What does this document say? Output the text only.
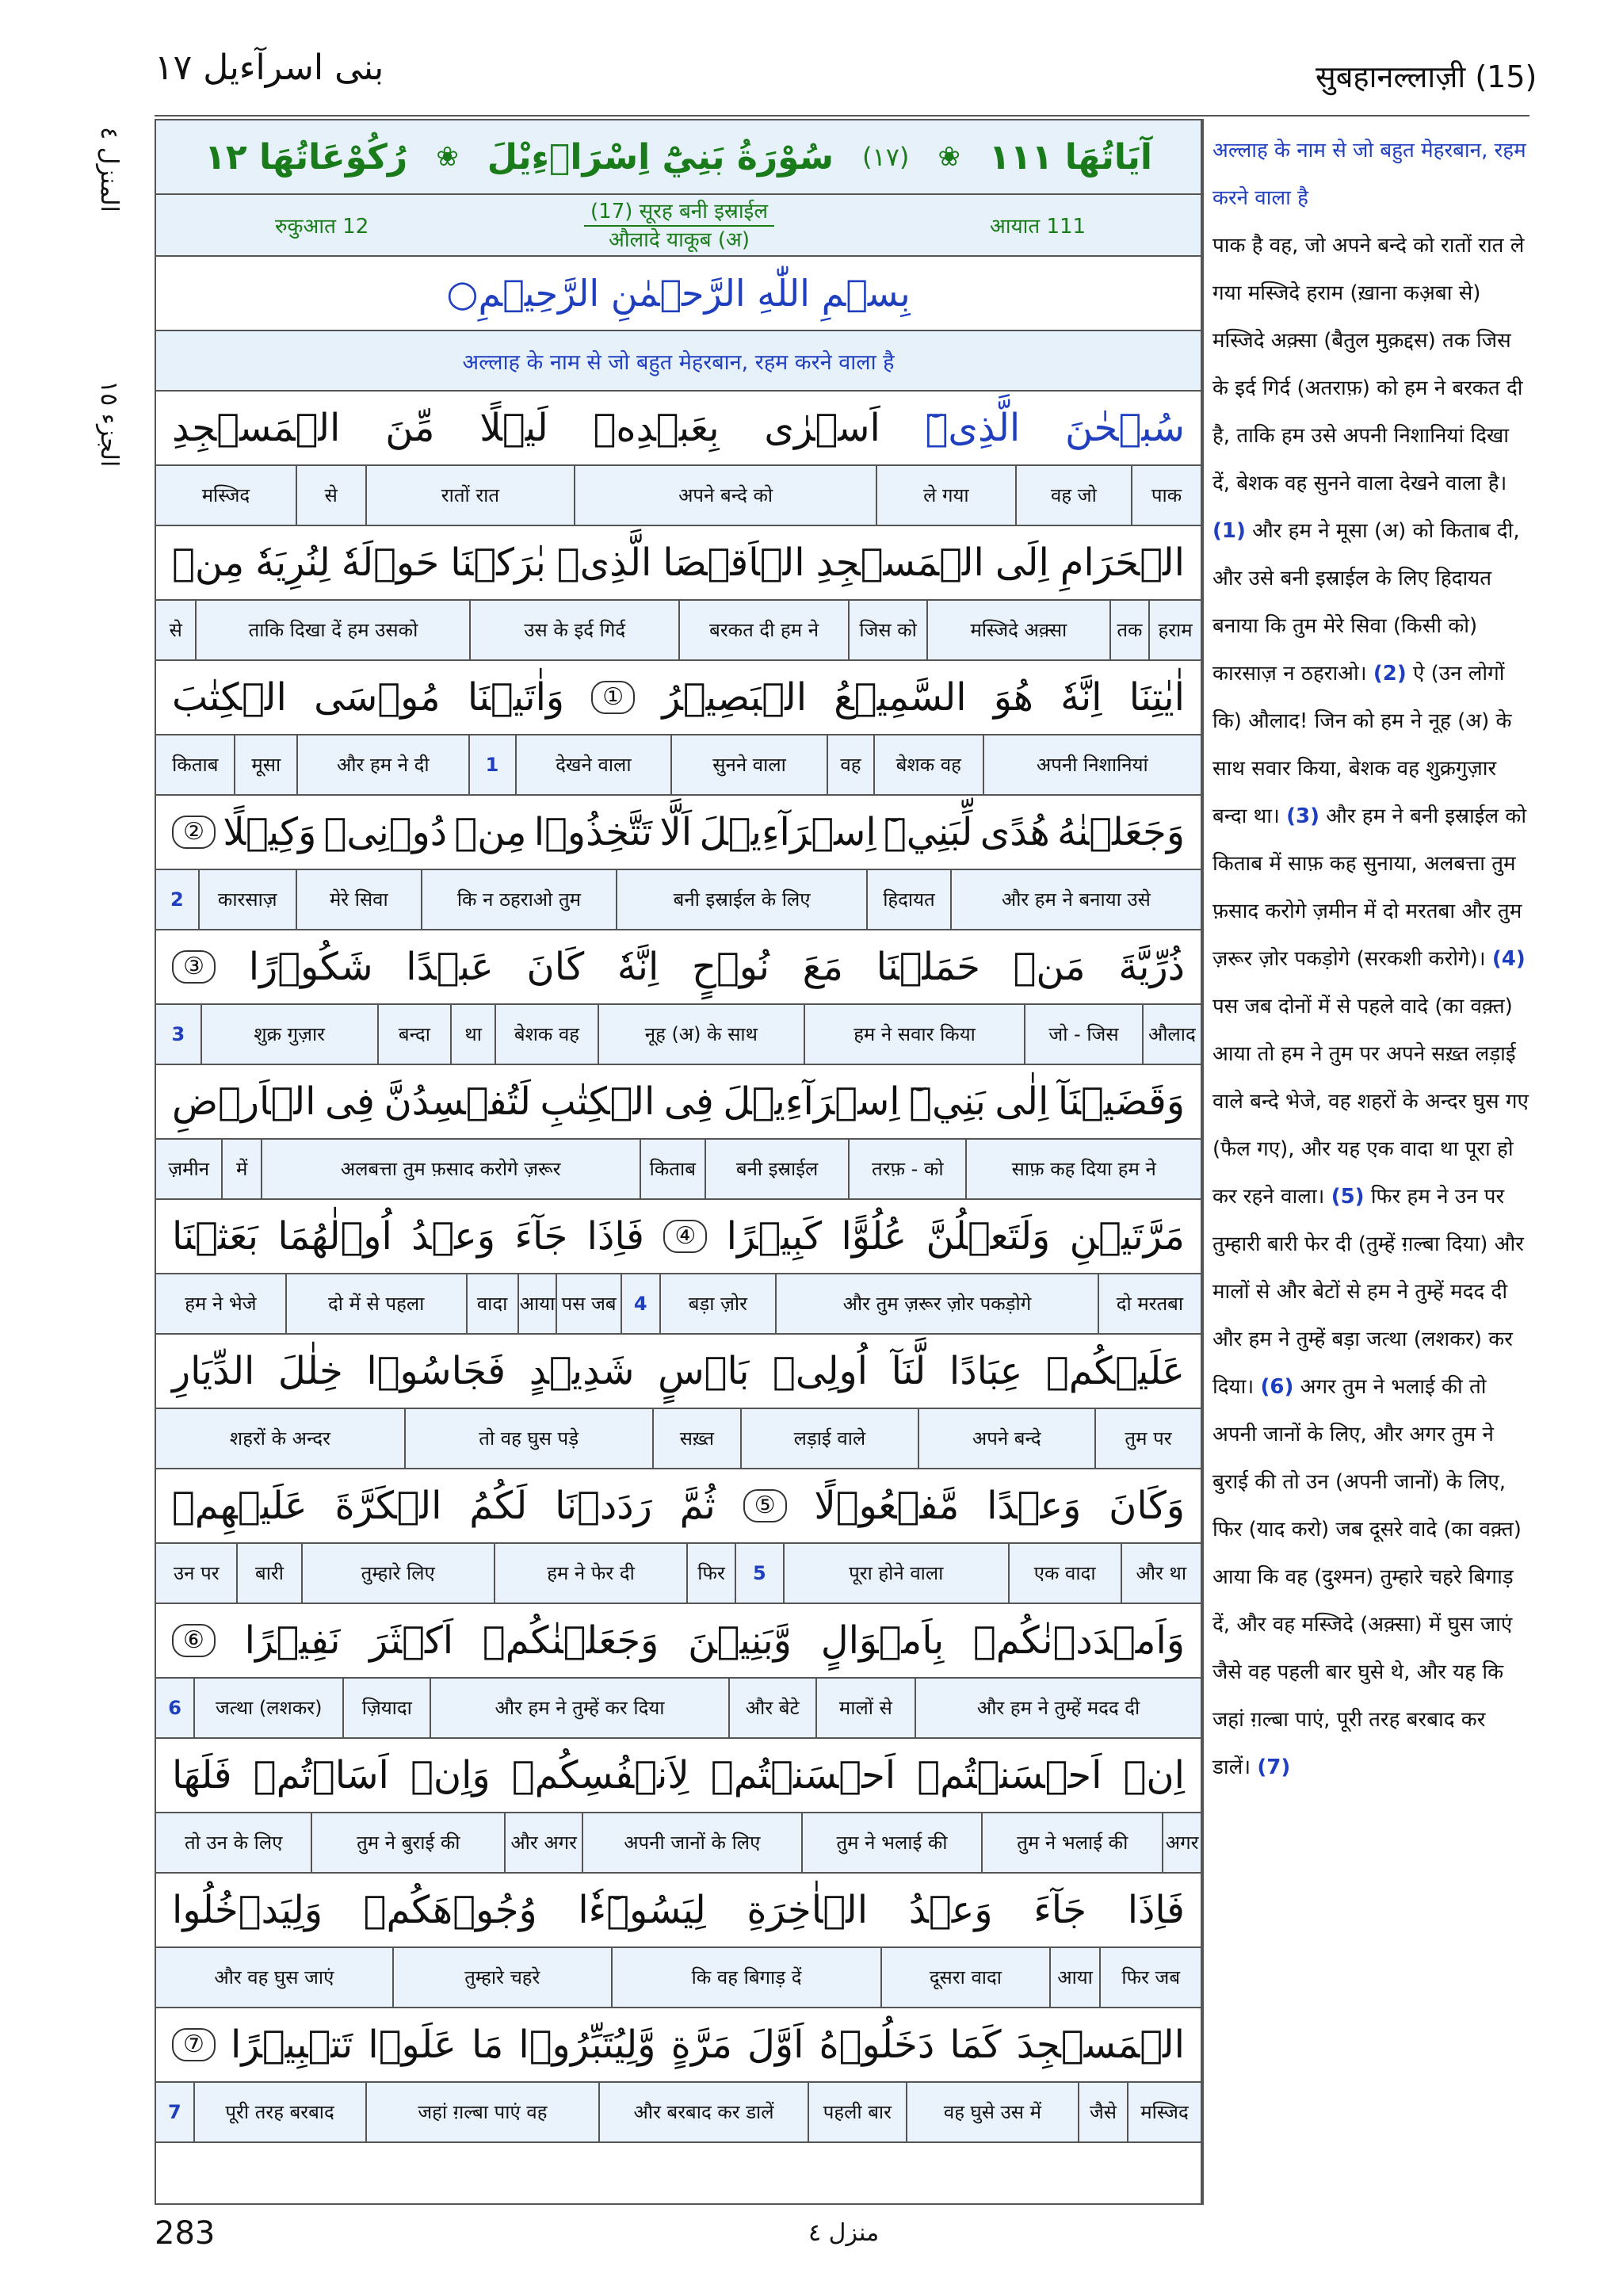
सुबहानल्लाज़ी (15)
بنی اسرآءیل ١٧
المنزل ٤
الجزء ١٥
آيَاتُهَا ١١١
❀
(١٧)
سُوْرَةُ بَنِيْٓ اِسْرَاۗءِيْلَ
❀
رُكُوْعَاتُهَا ١٢
रुकुआत 12
(17) सूरह बनी इस्राईल
औलादे याकूब (अ)
आयात 111
بِسۡمِ اللّٰهِ الرَّحۡمٰنِ الرَّحِيۡمِ○
अल्लाह के नाम से जो बहुत मेहरबान, रहम करने वाला है
سُبۡحٰنَ
الَّذِیۡٓ
اَسۡرٰی
بِعَبۡدِهٖ
لَيۡلًا
مِّنَ
الۡمَسۡجِدِ
पाक
वह जो
ले गया
अपने बन्दे को
रातों रात
से
मस्जिद
الۡحَرَامِ
اِلَی
الۡمَسۡجِدِ
الۡاَقۡصَا
الَّذِیۡ
بٰرَكۡنَا
حَوۡلَهٗ
لِنُرِيَهٗ
مِنۡ
हराम
तक
मस्जिदे अक़्सा
जिस को
बरकत दी हम ने
उस के इर्द गिर्द
ताकि दिखा दें हम उसको
से
اٰيٰتِنَا
اِنَّهٗ
هُوَ
السَّمِيۡعُ
الۡبَصِيۡرُ
①
وَاٰتَيۡنَا
مُوۡسَی
الۡكِتٰبَ
अपनी निशानियां
बेशक वह
वह
सुनने वाला
देखने वाला
1
और हम ने दी
मूसा
किताब
وَجَعَلۡنٰهُ
هُدًی
لِّبَنِيۡٓ
اِسۡرَآءِيۡلَ
اَلَّا
تَتَّخِذُوۡا
مِنۡ
دُوۡنِیۡ
وَكِيۡلًا
②
और हम ने बनाया उसे
हिदायत
बनी इस्राईल के लिए
कि न ठहराओ तुम
मेरे सिवा
कारसाज़
2
ذُرِّيَّةَ
مَنۡ
حَمَلۡنَا
مَعَ
نُوۡحٍ
اِنَّهٗ
كَانَ
عَبۡدًا
شَكُوۡرًا
③
औलाद
जो - जिस
हम ने सवार किया
नूह (अ) के साथ
बेशक वह
था
बन्दा
शुक्र गुज़ार
3
وَقَضَيۡنَآ
اِلٰی
بَنِيۡٓ
اِسۡرَآءِيۡلَ
فِی
الۡكِتٰبِ
لَتُفۡسِدُنَّ
فِی
الۡاَرۡضِ
साफ़ कह दिया हम ने
तरफ़ - को
बनी इस्राईल
किताब
अलबत्ता तुम फ़साद करोगे ज़रूर
में
ज़मीन
مَرَّتَيۡنِ
وَلَتَعۡلُنَّ
عُلُوًّا
كَبِيۡرًا
④
فَاِذَا
جَآءَ
وَعۡدُ
اُوۡلٰهُمَا
بَعَثۡنَا
दो मरतबा
और तुम ज़रूर ज़ोर पकड़ोगे
बड़ा ज़ोर
4
पस जब
आया
वादा
दो में से पहला
हम ने भेजे
عَلَيۡكُمۡ
عِبَادًا
لَّنَآ
اُولِیۡ
بَاۡسٍ
شَدِيۡدٍ
فَجَاسُوۡا
خِلٰلَ
الدِّيَارِ
तुम पर
अपने बन्दे
लड़ाई वाले
सख़्त
तो वह घुस पड़े
शहरों के अन्दर
وَكَانَ
وَعۡدًا
مَّفۡعُوۡلًا
⑤
ثُمَّ
رَدَدۡنَا
لَكُمُ
الۡكَرَّةَ
عَلَيۡهِمۡ
और था
एक वादा
पूरा होने वाला
5
फिर
हम ने फेर दी
तुम्हारे लिए
बारी
उन पर
وَاَمۡدَدۡنٰكُمۡ
بِاَمۡوَالٍ
وَّبَنِيۡنَ
وَجَعَلۡنٰكُمۡ
اَكۡثَرَ
نَفِيۡرًا
⑥
और हम ने तुम्हें मदद दी
मालों से
और बेटे
और हम ने तुम्हें कर दिया
ज़ियादा
जत्था (लशकर)
6
اِنۡ
اَحۡسَنۡتُمۡ
اَحۡسَنۡتُمۡ
لِاَنۡفُسِكُمۡ
وَاِنۡ
اَسَاۡتُمۡ
فَلَهَا
अगर
तुम ने भलाई की
तुम ने भलाई की
अपनी जानों के लिए
और अगर
तुम ने बुराई की
तो उन के लिए
فَاِذَا
جَآءَ
وَعۡدُ
الۡاٰخِرَةِ
لِيَسُوۡٓءٗا
وُجُوۡهَكُمۡ
وَلِيَدۡخُلُوا
फिर जब
आया
दूसरा वादा
कि वह बिगाड़ दें
तुम्हारे चहरे
और वह घुस जाएं
الۡمَسۡجِدَ
كَمَا
دَخَلُوۡهُ
اَوَّلَ
مَرَّةٍ
وَّلِيُتَبِّرُوۡا
مَا
عَلَوۡا
تَتۡبِيۡرًا
⑦
मस्जिद
जैसे
वह घुसे उस में
पहली बार
और बरबाद कर डालें
जहां ग़ल्बा पाएं वह
पूरी तरह बरबाद
7
अल्लाह के नाम से जो बहुत मेहरबान, रहम करने वाला है
पाक है वह, जो अपने बन्दे को रातों रात ले गया मस्जिदे हराम (ख़ाना कअ़बा से) मस्जिदे अक़्सा (बैतुल मुक़द्दस) तक जिस के इर्द गिर्द (अतराफ़) को हम ने बरकत दी है, ताकि हम उसे अपनी निशानियां दिखा दें, बेशक वह सुनने वाला देखने वाला है। (1) और हम ने मूसा (अ) को किताब दी, और उसे बनी इस्राईल के लिए हिदायत बनाया कि तुम मेरे सिवा (किसी को) कारसाज़ न ठहराओ। (2) ऐ (उन लोगों कि) औलाद! जिन को हम ने नूह (अ) के साथ सवार किया, बेशक वह शुक्रगुज़ार बन्दा था। (3) और हम ने बनी इस्राईल को किताब में साफ़ कह सुनाया, अलबत्ता तुम फ़साद करोगे ज़मीन में दो मरतबा और तुम ज़रूर ज़ोर पकड़ोगे (सरकशी करोगे)। (4) पस जब दोनों में से पहले वादे (का वक़्त) आया तो हम ने तुम पर अपने सख़्त लड़ाई वाले बन्दे भेजे, वह शहरों के अन्दर घुस गए (फैल गए), और यह एक वादा था पूरा हो कर रहने वाला। (5) फिर हम ने उन पर तुम्हारी बारी फेर दी (तुम्हें ग़ल्बा दिया) और मालों से और बेटों से हम ने तुम्हें मदद दी और हम ने तुम्हें बड़ा जत्था (लशकर) कर दिया। (6) अगर तुम ने भलाई की तो अपनी जानों के लिए, और अगर तुम ने बुराई की तो उन (अपनी जानों) के लिए, फिर (याद करो) जब दूसरे वादे (का वक़्त) आया कि वह (दुश्मन) तुम्हारे चहरे बिगाड़ दें, और वह मस्जिदे (अक़्सा) में घुस जाएं जैसे वह पहली बार घुसे थे, और यह कि जहां ग़ल्बा पाएं, पूरी तरह बरबाद कर डालें। (7)
283	منزل ٤
